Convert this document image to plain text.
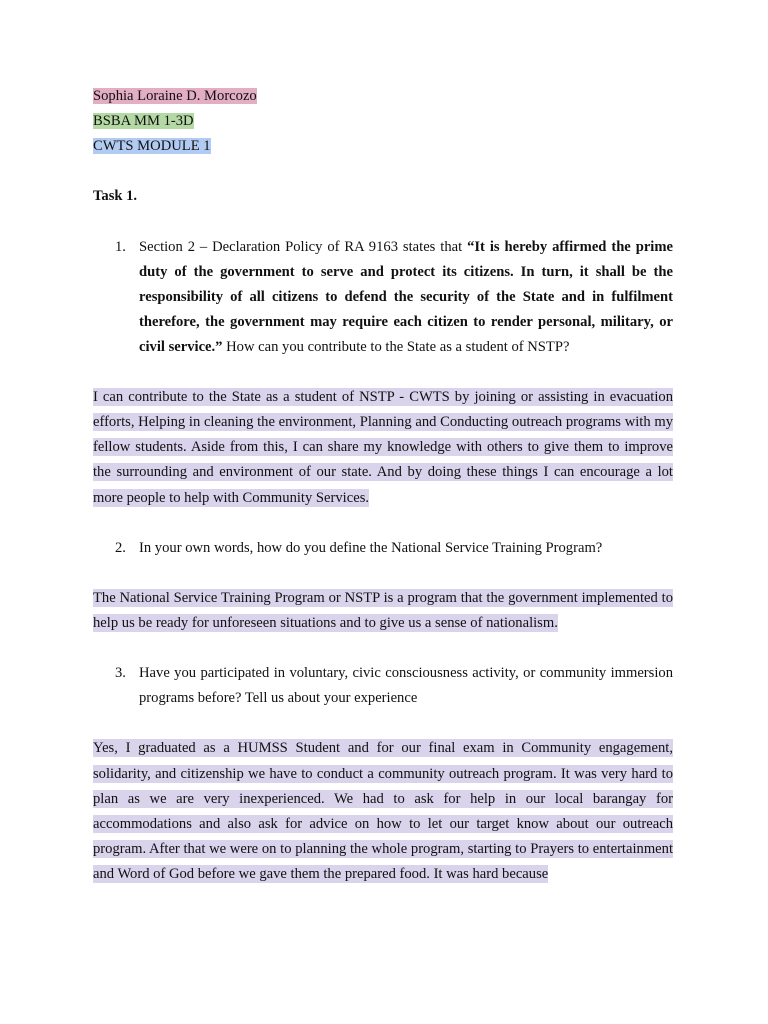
Sophia Loraine D. Morcozo
BSBA MM 1-3D
CWTS MODULE 1
Task 1.
1. Section 2 – Declaration Policy of RA 9163 states that “It is hereby affirmed the prime duty of the government to serve and protect its citizens. In turn, it shall be the responsibility of all citizens to defend the security of the State and in fulfilment therefore, the government may require each citizen to render personal, military, or civil service.” How can you contribute to the State as a student of NSTP?
I can contribute to the State as a student of NSTP - CWTS by joining or assisting in evacuation efforts, Helping in cleaning the environment, Planning and Conducting outreach programs with my fellow students. Aside from this, I can share my knowledge with others to give them to improve the surrounding and environment of our state. And by doing these things I can encourage a lot more people to help with Community Services.
2. In your own words, how do you define the National Service Training Program?
The National Service Training Program or NSTP is a program that the government implemented to help us be ready for unforeseen situations and to give us a sense of nationalism.
3. Have you participated in voluntary, civic consciousness activity, or community immersion programs before? Tell us about your experience
Yes, I graduated as a HUMSS Student and for our final exam in Community engagement, solidarity, and citizenship we have to conduct a community outreach program. It was very hard to plan as we are very inexperienced. We had to ask for help in our local barangay for accommodations and also ask for advice on how to let our target know about our outreach program. After that we were on to planning the whole program, starting to Prayers to entertainment and Word of God before we gave them the prepared food. It was hard because
